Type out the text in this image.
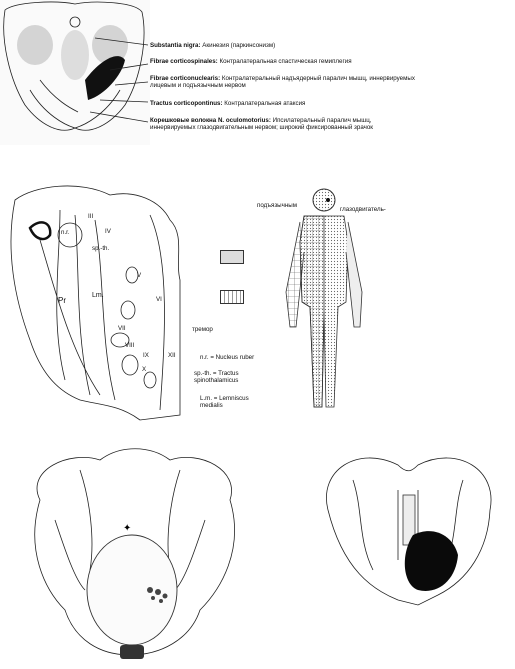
Substantia nigra: Акинезия (паркинсонизм)
Fibrae corticospinales: Контралатеральная спастическая гемиплегия
Fibrae corticonuclearis: Контралатеральный надъядерный паралич мышц, иннервируемых лицевым и подъязычным нервом
Tractus corticopontinus: Контралатеральная атаксия
Корешковые волокна N. oculomotorius: Ипсилатеральный паралич мышц, иннервируемых глазодвигательным нервом; широкий фиксированный зрачок
n.r.
sp.-th.
Pr
Lm.
III
IV
V
VI
VII
VIII
IX
X
XII
тремор
n.r. = Nucleus ruber
sp.-th. = Tractus spinothalamicus
L.m. = Lemniscus medialis
подъязычным
глазодвигатель-
✦
